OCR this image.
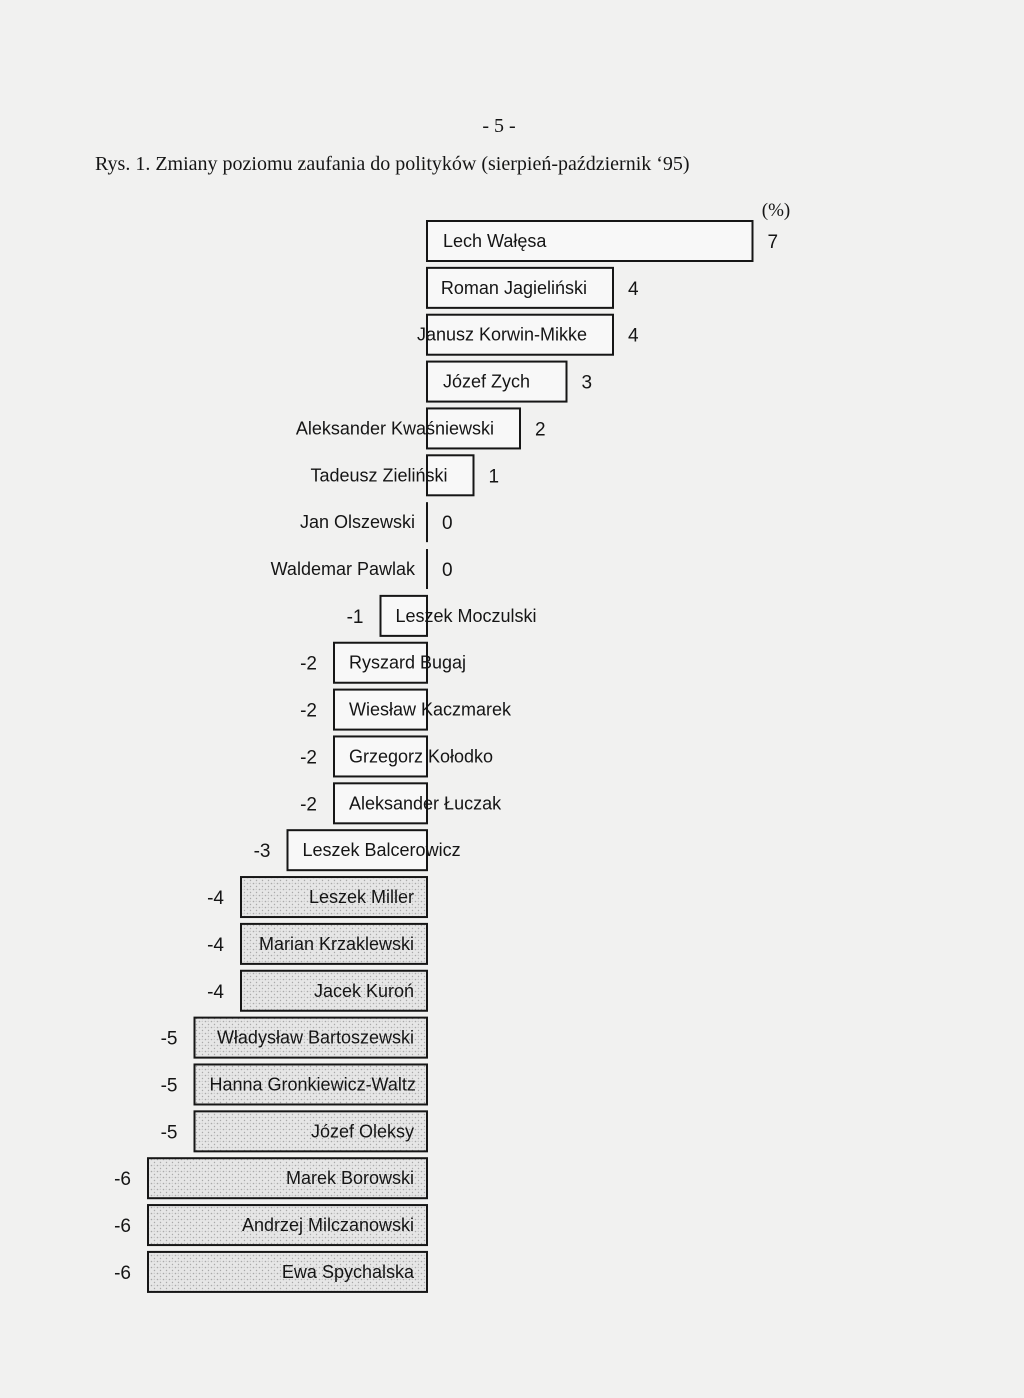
- 5 -
Rys. 1. Zmiany poziomu zaufania do polityków (sierpień-październik ‘95)
(%)
Lech Wałęsa	7
Roman Jagieliński 4
Janusz Korwin-Mikke 4
Józef Zych	3
Aleksander Kwaśniewski 2
Tadeusz Zieliński 1
Jan Olszewski 0
Waldemar Pawlak 0
Leszek Moczulski
-1
Ryszard Bugaj
-2
Wiesław Kaczmarek
-2
Grzegorz Kołodko
-2
Aleksander Łuczak
-2
Leszek Balcerowicz
-3
Leszek Miller
-4
Marian Krzaklewski
-4
Jacek Kuroń
-4
Władysław Bartoszewski
-5
Hanna Gronkiewicz-Waltz
-5
Józef Oleksy
-5
Marek Borowski
-6
Andrzej Milczanowski
-6
Ewa Spychalska
-6
